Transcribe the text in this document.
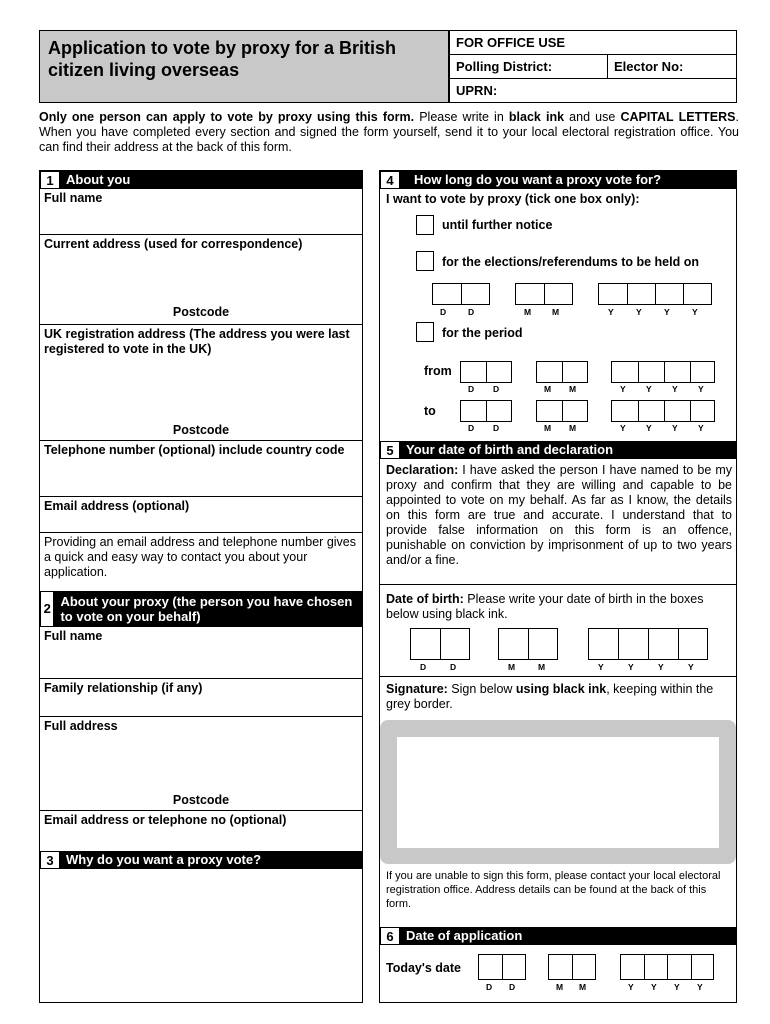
Application to vote by proxy for a British citizen living overseas
FOR OFFICE USE
Polling District:	Elector No:
UPRN:
Only one person can apply to vote by proxy using this form. Please write in black ink and use CAPITAL LETTERS. When you have completed every section and signed the form yourself, send it to your local electoral registration office. You can find their address at the back of this form.
1 About you
Full name
Current address (used for correspondence)
Postcode
UK registration address (The address you were last registered to vote in the UK)
Postcode
Telephone number (optional) include country code
Email address (optional)
Providing an email address and telephone number gives a quick and easy way to contact you about your application.
2 About your proxy (the person you have chosen to vote on your behalf)
Full name
Family relationship (if any)
Full address
Postcode
Email address or telephone no (optional)
3 Why do you want a proxy vote?
4	How long do you want a proxy vote for?
I want to vote by proxy (tick one box only):
until further notice
for the elections/referendums to be held on
D	D	M M	Y	Y	Y	Y
for the period
from
D D	M M	Y Y Y Y
to
D D	M M	Y Y Y Y
5 Your date of birth and declaration
Declaration: I have asked the person I have named to be my proxy and confirm that they are willing and capable to be appointed to vote on my behalf. As far as I know, the details on this form are true and accurate. I understand that to provide false information on this form is an offence, punishable on conviction by imprisonment of up to two years and/or a fine.
Date of birth: Please write your date of birth in the boxes below using black ink.
D	D	M	M	Y	Y	Y	Y
Signature: Sign below using black ink, keeping within the grey border.
If you are unable to sign this form, please contact your local electoral registration office. Address details can be found at the back of this form.
6 Date of application
Today's date
D D	M M	Y Y Y Y
